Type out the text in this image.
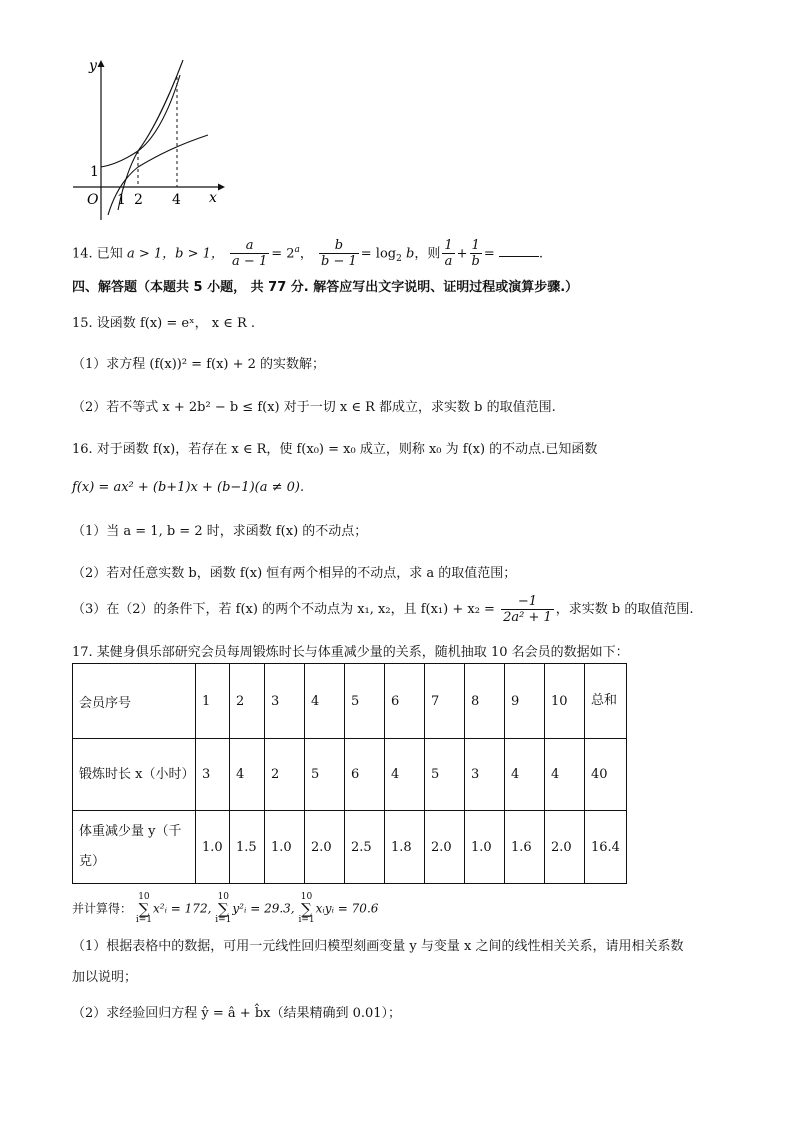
y
x
O 1 2 4
1
14. 已知 a > 1，b > 1， $\frac{a}{a - 1} = 2^a$， $\frac{b}{b - 1} = \log_2 b$，则 $\frac{1}{a} + \frac{1}{b}$ =	.
四、解答题（本题共 5 小题， 共 77 分. 解答应写出文字说明、证明过程或演算步骤.）
15. 设函数 f(x) = eˣ， x ∈ R .
（1）求方程 (f(x))² = f(x) + 2 的实数解；
（2）若不等式 x + 2b² − b ≤ f(x) 对于一切 x ∈ R 都成立，求实数 b 的取值范围.
16. 对于函数 f(x)，若存在 x ∈ R，使 f(x₀) = x₀ 成立，则称 x₀ 为 f(x) 的不动点.已知函数
f(x) = ax² + (b+1)x + (b−1)(a ≠ 0).
（1）当 a = 1, b = 2 时，求函数 f(x) 的不动点；
（2）若对任意实数 b，函数 f(x) 恒有两个相异的不动点，求 a 的取值范围；
（3）在（2）的条件下，若 f(x) 的两个不动点为 x₁, x₂，且 $f(x_1) + x_2 = \frac{-1}{\text{2a² + 1}}$ ，求实数 b 的取值范围.
17. 某健身俱乐部研究会员每周锻炼时长与体重减少量的关系，随机抽取 10 名会员的数据如下：
会员序号	1	2	3	4	5	6	7	8	9	10	总和
锻炼时长 x（小时）	3	4	2	5	6	4	5	3	4	4	40
体重减少量 y（千克）	1.0	1.5	1.0	2.0	2.5	1.8	2.0	1.0	1.6	2.0	16.4
并计算得： 10
∑
i=1x²ᵢ = 172, 10
∑
i=1y²ᵢ = 29.3, 10
∑
i=1xᵢyᵢ = 70.6
（1）根据表格中的数据，可用一元线性回归模型刻画变量 y 与变量 x 之间的线性相关关系，请用相关系数
加以说明；
（2）求经验回归方程 ŷ = â + b̂x（结果精确到 0.01）；
